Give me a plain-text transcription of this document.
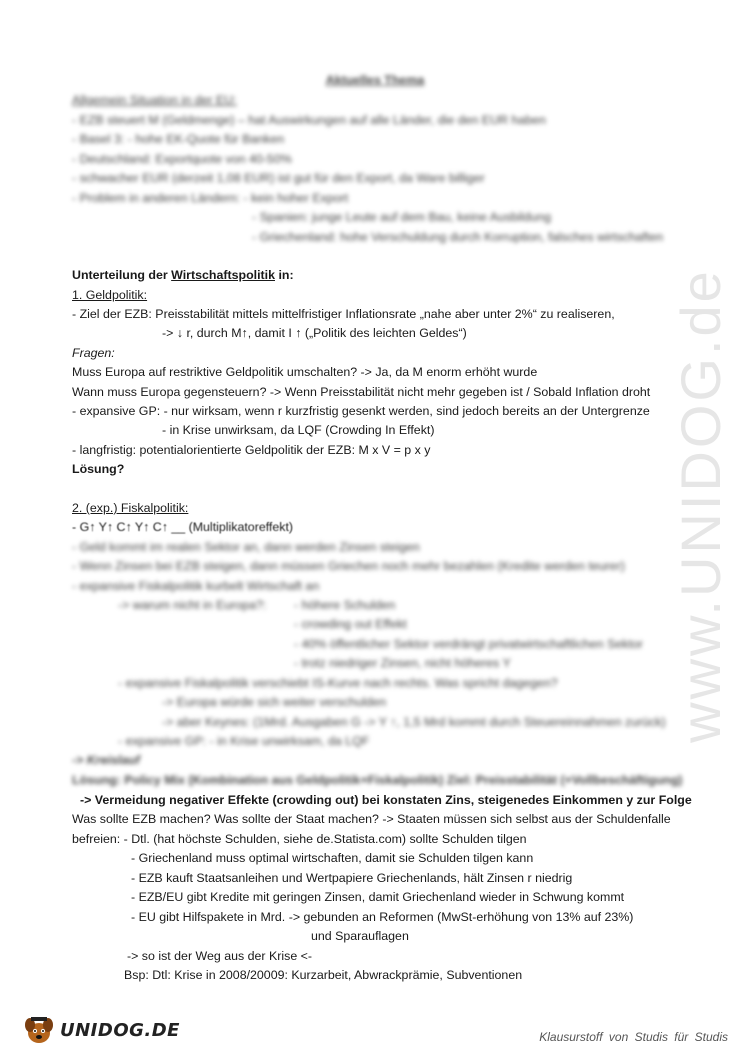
www.UNIDOG.de
Aktuelles Thema
Allgemein Situation in der EU:
- EZB steuert M (Geldmenge) – hat Auswirkungen auf alle Länder, die den EUR haben
- Basel 3: - hohe EK-Quote für Banken
- Deutschland: Exportquote von 40-50%
- schwacher EUR (derzeit 1,08 EUR) ist gut für den Export, da Ware billiger
- Problem in anderen Ländern: - kein hoher Export
- Spanien: junge Leute auf dem Bau, keine Ausbildung
- Griechenland: hohe Verschuldung durch Korruption, falsches wirtschaften
Unterteilung der Wirtschaftspolitik in:
1. Geldpolitik:
- Ziel der EZB: Preisstabilität mittels mittelfristiger Inflationsrate „nahe aber unter 2%“ zu realiseren,
-> ↓ r, durch M↑, damit I ↑ („Politik des leichten Geldes“)
Fragen:
Muss Europa auf restriktive Geldpolitik umschalten? -> Ja, da M enorm erhöht wurde
Wann muss Europa gegensteuern? -> Wenn Preisstabilität nicht mehr gegeben ist / Sobald Inflation droht
- expansive GP: - nur wirksam, wenn r kurzfristig gesenkt werden, sind jedoch bereits an der Untergrenze
- in Krise unwirksam, da LQF (Crowding In Effekt)
- langfristig: potentialorientierte Geldpolitik der EZB: M x V = p x y
Lösung?
2. (exp.) Fiskalpolitik:
- G↑ Y↑ C↑ Y↑ C↑ __ (Multiplikatoreffekt)
- Geld kommt im realen Sektor an, dann werden Zinsen steigen
- Wenn Zinsen bei EZB steigen, dann müssen Griechen noch mehr bezahlen (Kredite werden teurer)
- expansive Fiskalpolitik kurbelt Wirtschaft an
-> warum nicht in Europa?: - höhere Schulden
- crowding out Effekt
- 40% öffentlicher Sektor verdrängt privatwirtschaftlichen Sektor
- trotz niedriger Zinsen, nicht höheres Y
- expansive Fiskalpolitik verschiebt IS-Kurve nach rechts. Was spricht dagegen?
-> Europa würde sich weiter verschulden
-> aber Keynes: (1Mrd. Ausgaben G -> Y ↑, 1,5 Mrd kommt durch Steuereinnahmen zurück)
- expansive GP: - in Krise unwirksam, da LQF
-> Kreislauf
Lösung: Policy Mix (Kombination aus Geldpolitik+Fiskalpolitik) Ziel: Preisstabilität (+Vollbeschäftigung)
-> Vermeidung negativer Effekte (crowding out) bei konstaten Zins, steigenedes Einkommen y zur Folge
Was sollte EZB machen? Was sollte der Staat machen? -> Staaten müssen sich selbst aus der Schuldenfalle
befreien: - Dtl. (hat höchste Schulden, siehe de.Statista.com) sollte Schulden tilgen
- Griechenland muss optimal wirtschaften, damit sie Schulden tilgen kann
- EZB kauft Staatsanleihen und Wertpapiere Griechenlands, hält Zinsen r niedrig
- EZB/EU gibt Kredite mit geringen Zinsen, damit Griechenland wieder in Schwung kommt
- EU gibt Hilfspakete in Mrd. -> gebunden an Reformen (MwSt-erhöhung von 13% auf 23%)
und Sparauflagen
-> so ist der Weg aus der Krise <-
Bsp: Dtl: Krise in 2008/20009: Kurzarbeit, Abwrackprämie, Subventionen
UNIDOG.DE	Klausurstoff von Studis für Studis
